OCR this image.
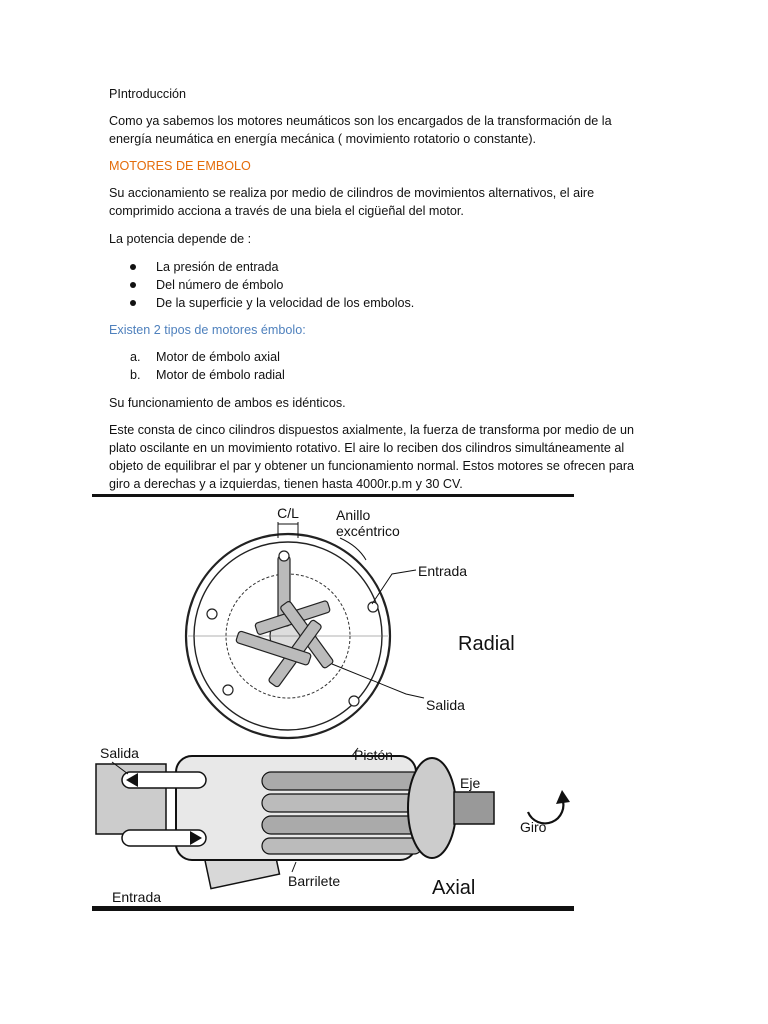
PIntroducción
Como ya sabemos los motores neumáticos son los encargados de la transformación de la
energía neumática en energía mecánica ( movimiento rotatorio o constante).
MOTORES DE EMBOLO
Su accionamiento se realiza por medio de cilindros de movimientos alternativos, el aire
comprimido acciona a través de una biela el cigüeñal del motor.
La potencia depende de :
La presión de entrada
Del número de émbolo
De la superficie y la velocidad de los embolos.
Existen 2 tipos de motores émbolo:
a. Motor de émbolo axial
b. Motor de émbolo radial
Su funcionamiento de ambos es idénticos.
Este consta de cinco cilindros dispuestos axialmente, la fuerza de transforma por medio de un
plato oscilante en un movimiento rotativo. El aire lo reciben dos cilindros simultáneamente al
objeto de equilibrar el par y obtener un funcionamiento normal. Estos motores se ofrecen para
giro a derechas y a izquierdas, tienen hasta 4000r.p.m y 30 CV.
C/L	Anillo
excéntrico
Entrada
Radial
Salida
Salida	Pistón
Eje
Giro
Barrilete
Entrada	Axial
